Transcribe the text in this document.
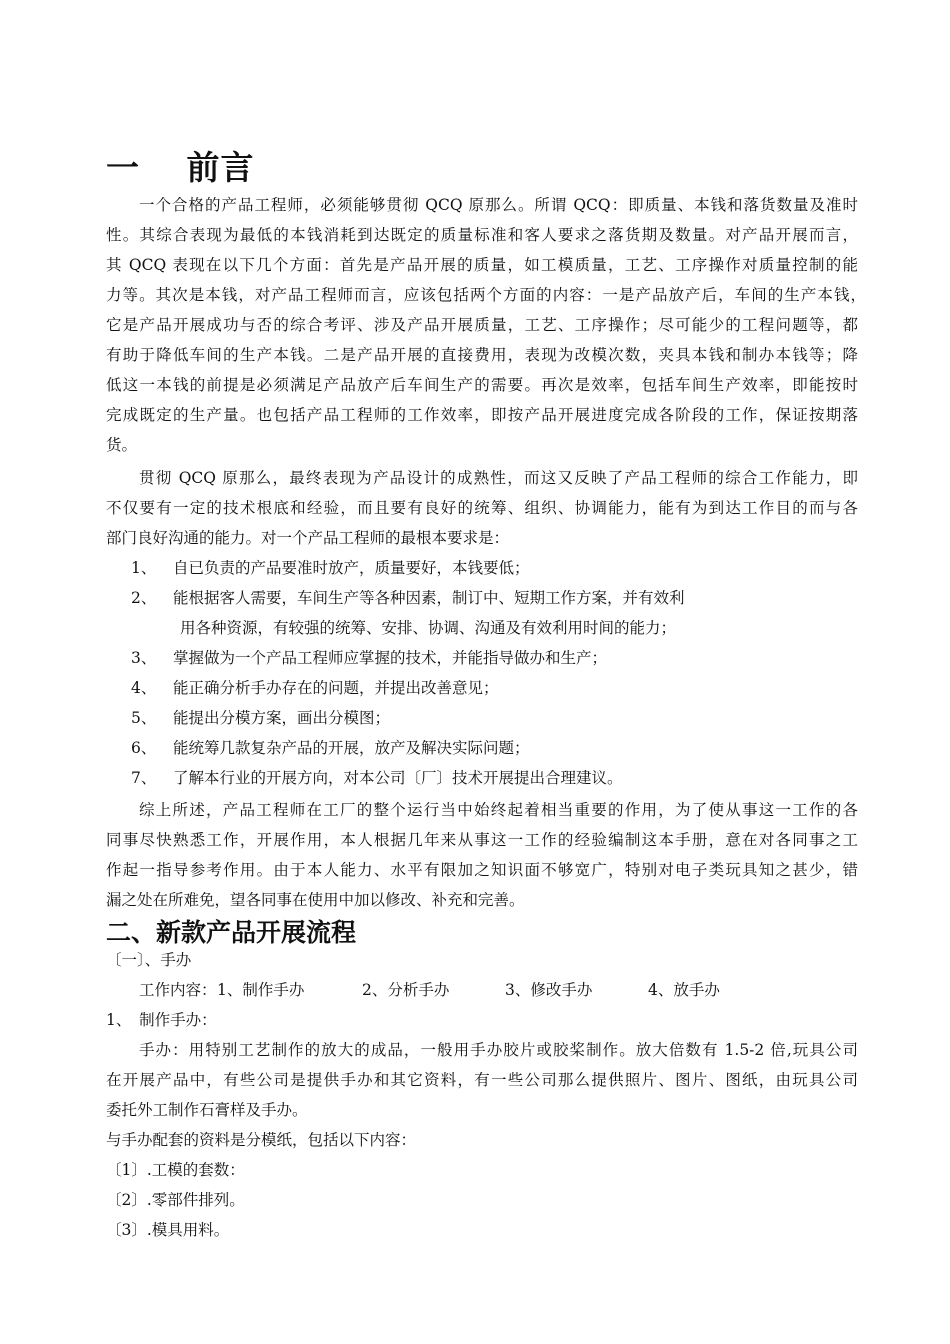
一　 前言
一个合格的产品工程师，必须能够贯彻 QCQ 原那么。所谓 QCQ：即质量、本钱和落货数量及准时
性。其综合表现为最低的本钱消耗到达既定的质量标准和客人要求之落货期及数量。对产品开展而言，
其 QCQ 表现在以下几个方面：首先是产品开展的质量，如工模质量，工艺、工序操作对质量控制的能
力等。其次是本钱，对产品工程师而言，应该包括两个方面的内容：一是产品放产后，车间的生产本钱，
它是产品开展成功与否的综合考评、涉及产品开展质量，工艺、工序操作；尽可能少的工程问题等，都
有助于降低车间的生产本钱。二是产品开展的直接费用，表现为改模次数，夹具本钱和制办本钱等；降
低这一本钱的前提是必须满足产品放产后车间生产的需要。再次是效率，包括车间生产效率，即能按时
完成既定的生产量。也包括产品工程师的工作效率，即按产品开展进度完成各阶段的工作，保证按期落
货。
贯彻 QCQ 原那么，最终表现为产品设计的成熟性，而这又反映了产品工程师的综合工作能力，即
不仅要有一定的技术根底和经验，而且要有良好的统筹、组织、协调能力，能有为到达工作目的而与各
部门良好沟通的能力。对一个产品工程师的最根本要求是：
1、 自已负责的产品要准时放产，质量要好，本钱要低；
2、 能根据客人需要，车间生产等各种因素，制订中、短期工作方案，并有效利
用各种资源，有较强的统筹、安排、协调、沟通及有效利用时间的能力；
3、 掌握做为一个产品工程师应掌握的技术，并能指导做办和生产；
4、 能正确分析手办存在的问题，并提出改善意见；
5、 能提出分模方案，画出分模图；
6、 能统筹几款复杂产品的开展，放产及解决实际问题；
7、 了解本行业的开展方向，对本公司〔厂〕技术开展提出合理建议。
综上所述，产品工程师在工厂的整个运行当中始终起着相当重要的作用，为了使从事这一工作的各
同事尽快熟悉工作，开展作用，本人根据几年来从事这一工作的经验编制这本手册，意在对各同事之工
作起一指导参考作用。由于本人能力、水平有限加之知识面不够宽广，特别对电子类玩具知之甚少，错
漏之处在所难免，望各同事在使用中加以修改、补充和完善。
二、新款产品开展流程
〔一〕、手办
工作内容： 1、制作手办	2、分析手办	3、修改手办	4、放手办
1、　制作手办：
手办：用特别工艺制作的放大的成品，一般用手办胶片或胶桨制作。放大倍数有 1.5-2 倍,玩具公司
在开展产品中，有些公司是提供手办和其它资料，有一些公司那么提供照片、图片、图纸，由玩具公司
委托外工制作石膏样及手办。
与手办配套的资料是分模纸，包括以下内容：
〔1〕.工模的套数：
〔2〕.零部件排列。
〔3〕.模具用料。
